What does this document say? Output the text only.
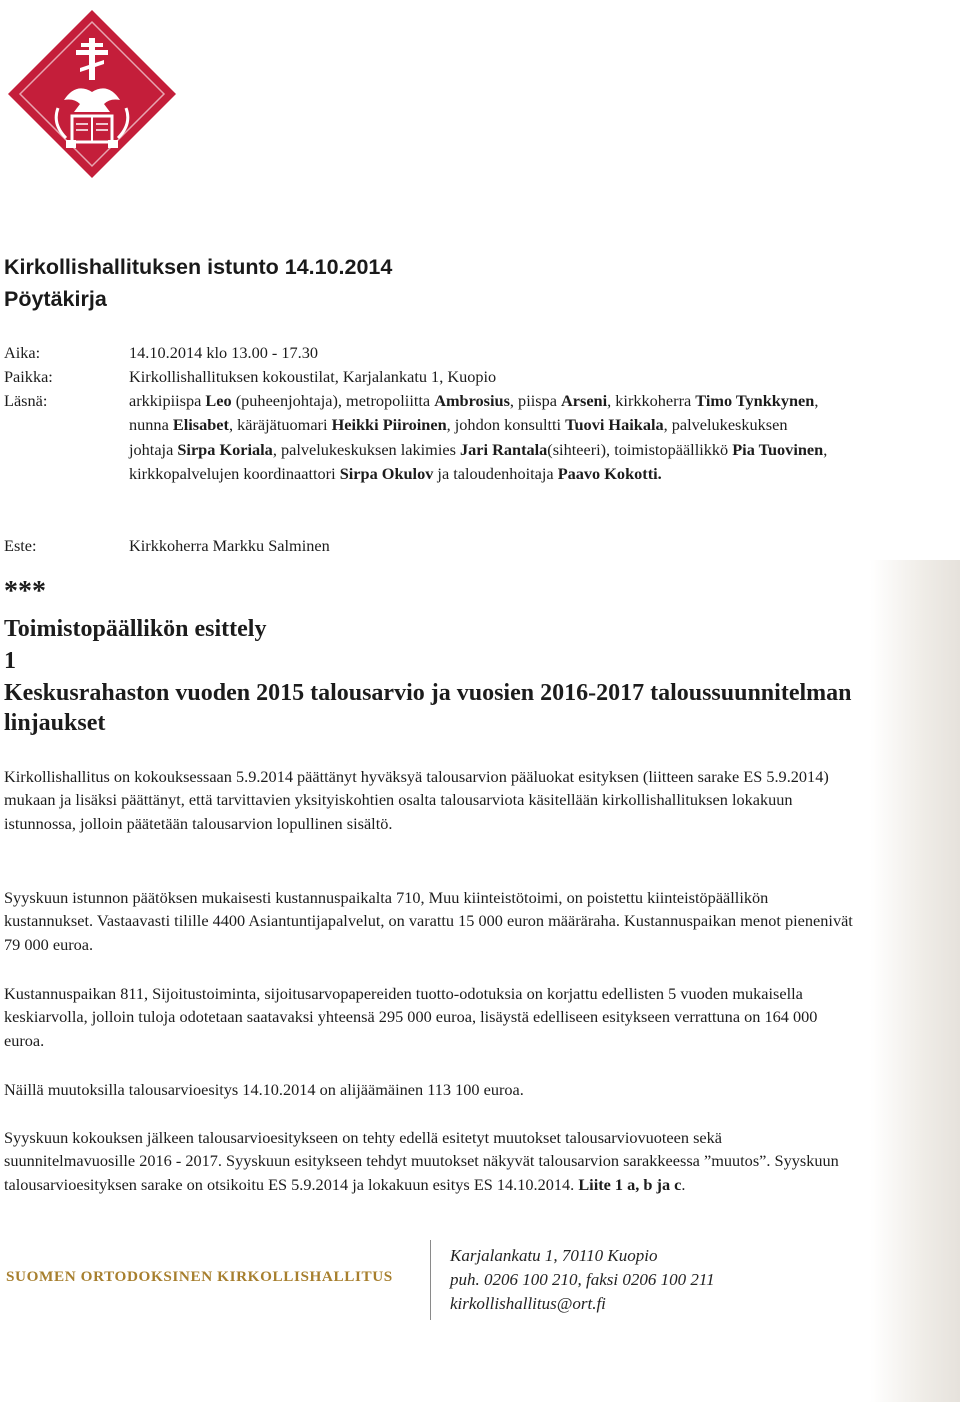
Kirkollishallituksen istunto 14.10.2014
Pöytäkirja
Aika:	14.10.2014 klo 13.00 - 17.30
Paikka:	Kirkollishallituksen kokoustilat, Karjalankatu 1, Kuopio
Läsnä:	arkkipiispa Leo (puheenjohtaja), metropoliitta Ambrosius, piispa Arseni, kirkkoherra Timo Tynkkynen, nunna Elisabet, käräjätuomari Heikki Piiroinen, johdon konsultti Tuovi Haikala, palvelukeskuksen johtaja Sirpa Koriala, palvelukeskuksen lakimies Jari Rantala(sihteeri), toimistopäällikkö Pia Tuovinen, kirkkopalvelujen koordinaattori Sirpa Okulov ja taloudenhoitaja Paavo Kokotti.
Este:	Kirkkoherra Markku Salminen
***
Toimistopäällikön esittely
1
Keskusrahaston vuoden 2015 talousarvio ja vuosien 2016-2017 taloussuunnitelman linjaukset

Kirkollishallitus on kokouksessaan 5.9.2014 päättänyt hyväksyä talousarvion pääluokat esityksen (liitteen sarake ES 5.9.2014) mukaan ja lisäksi päättänyt, että tarvittavien yksityiskohtien osalta talousarviota käsitellään kirkollishallituksen lokakuun istunnossa, jolloin päätetään talousarvion lopullinen sisältö.

Syyskuun istunnon päätöksen mukaisesti kustannuspaikalta 710, Muu kiinteistötoimi, on poistettu kiinteistöpäällikön kustannukset. Vastaavasti tilille 4400 Asiantuntijapalvelut, on varattu 15 000 euron määräraha. Kustannuspaikan menot pienenivät 79 000 euroa.

Kustannuspaikan 811, Sijoitustoiminta, sijoitusarvopapereiden tuotto-odotuksia on korjattu edellisten 5 vuoden mukaisella keskiarvolla, jolloin tuloja odotetaan saatavaksi yhteensä 295 000 euroa, lisäystä edelliseen esitykseen verrattuna on 164 000 euroa.

Näillä muutoksilla talousarvioesitys 14.10.2014 on alijäämäinen 113 100 euroa.

Syyskuun kokouksen jälkeen talousarvioesitykseen on tehty edellä esitetyt muutokset talousarviovuoteen sekä suunnitelmavuosille 2016 - 2017. Syyskuun esitykseen tehdyt muutokset näkyvät talousarvion sarakkeessa ”muutos”. Syyskuun talousarvioesityksen sarake on otsikoitu ES 5.9.2014 ja lokakuun esitys ES 14.10.2014. Liite 1 a, b ja c.

SUOMEN ORTODOKSINEN KIRKOLLISHALLITUS
Karjalankatu 1, 70110 Kuopio
puh. 0206 100 210, faksi 0206 100 211
kirkollishallitus@ort.fi
